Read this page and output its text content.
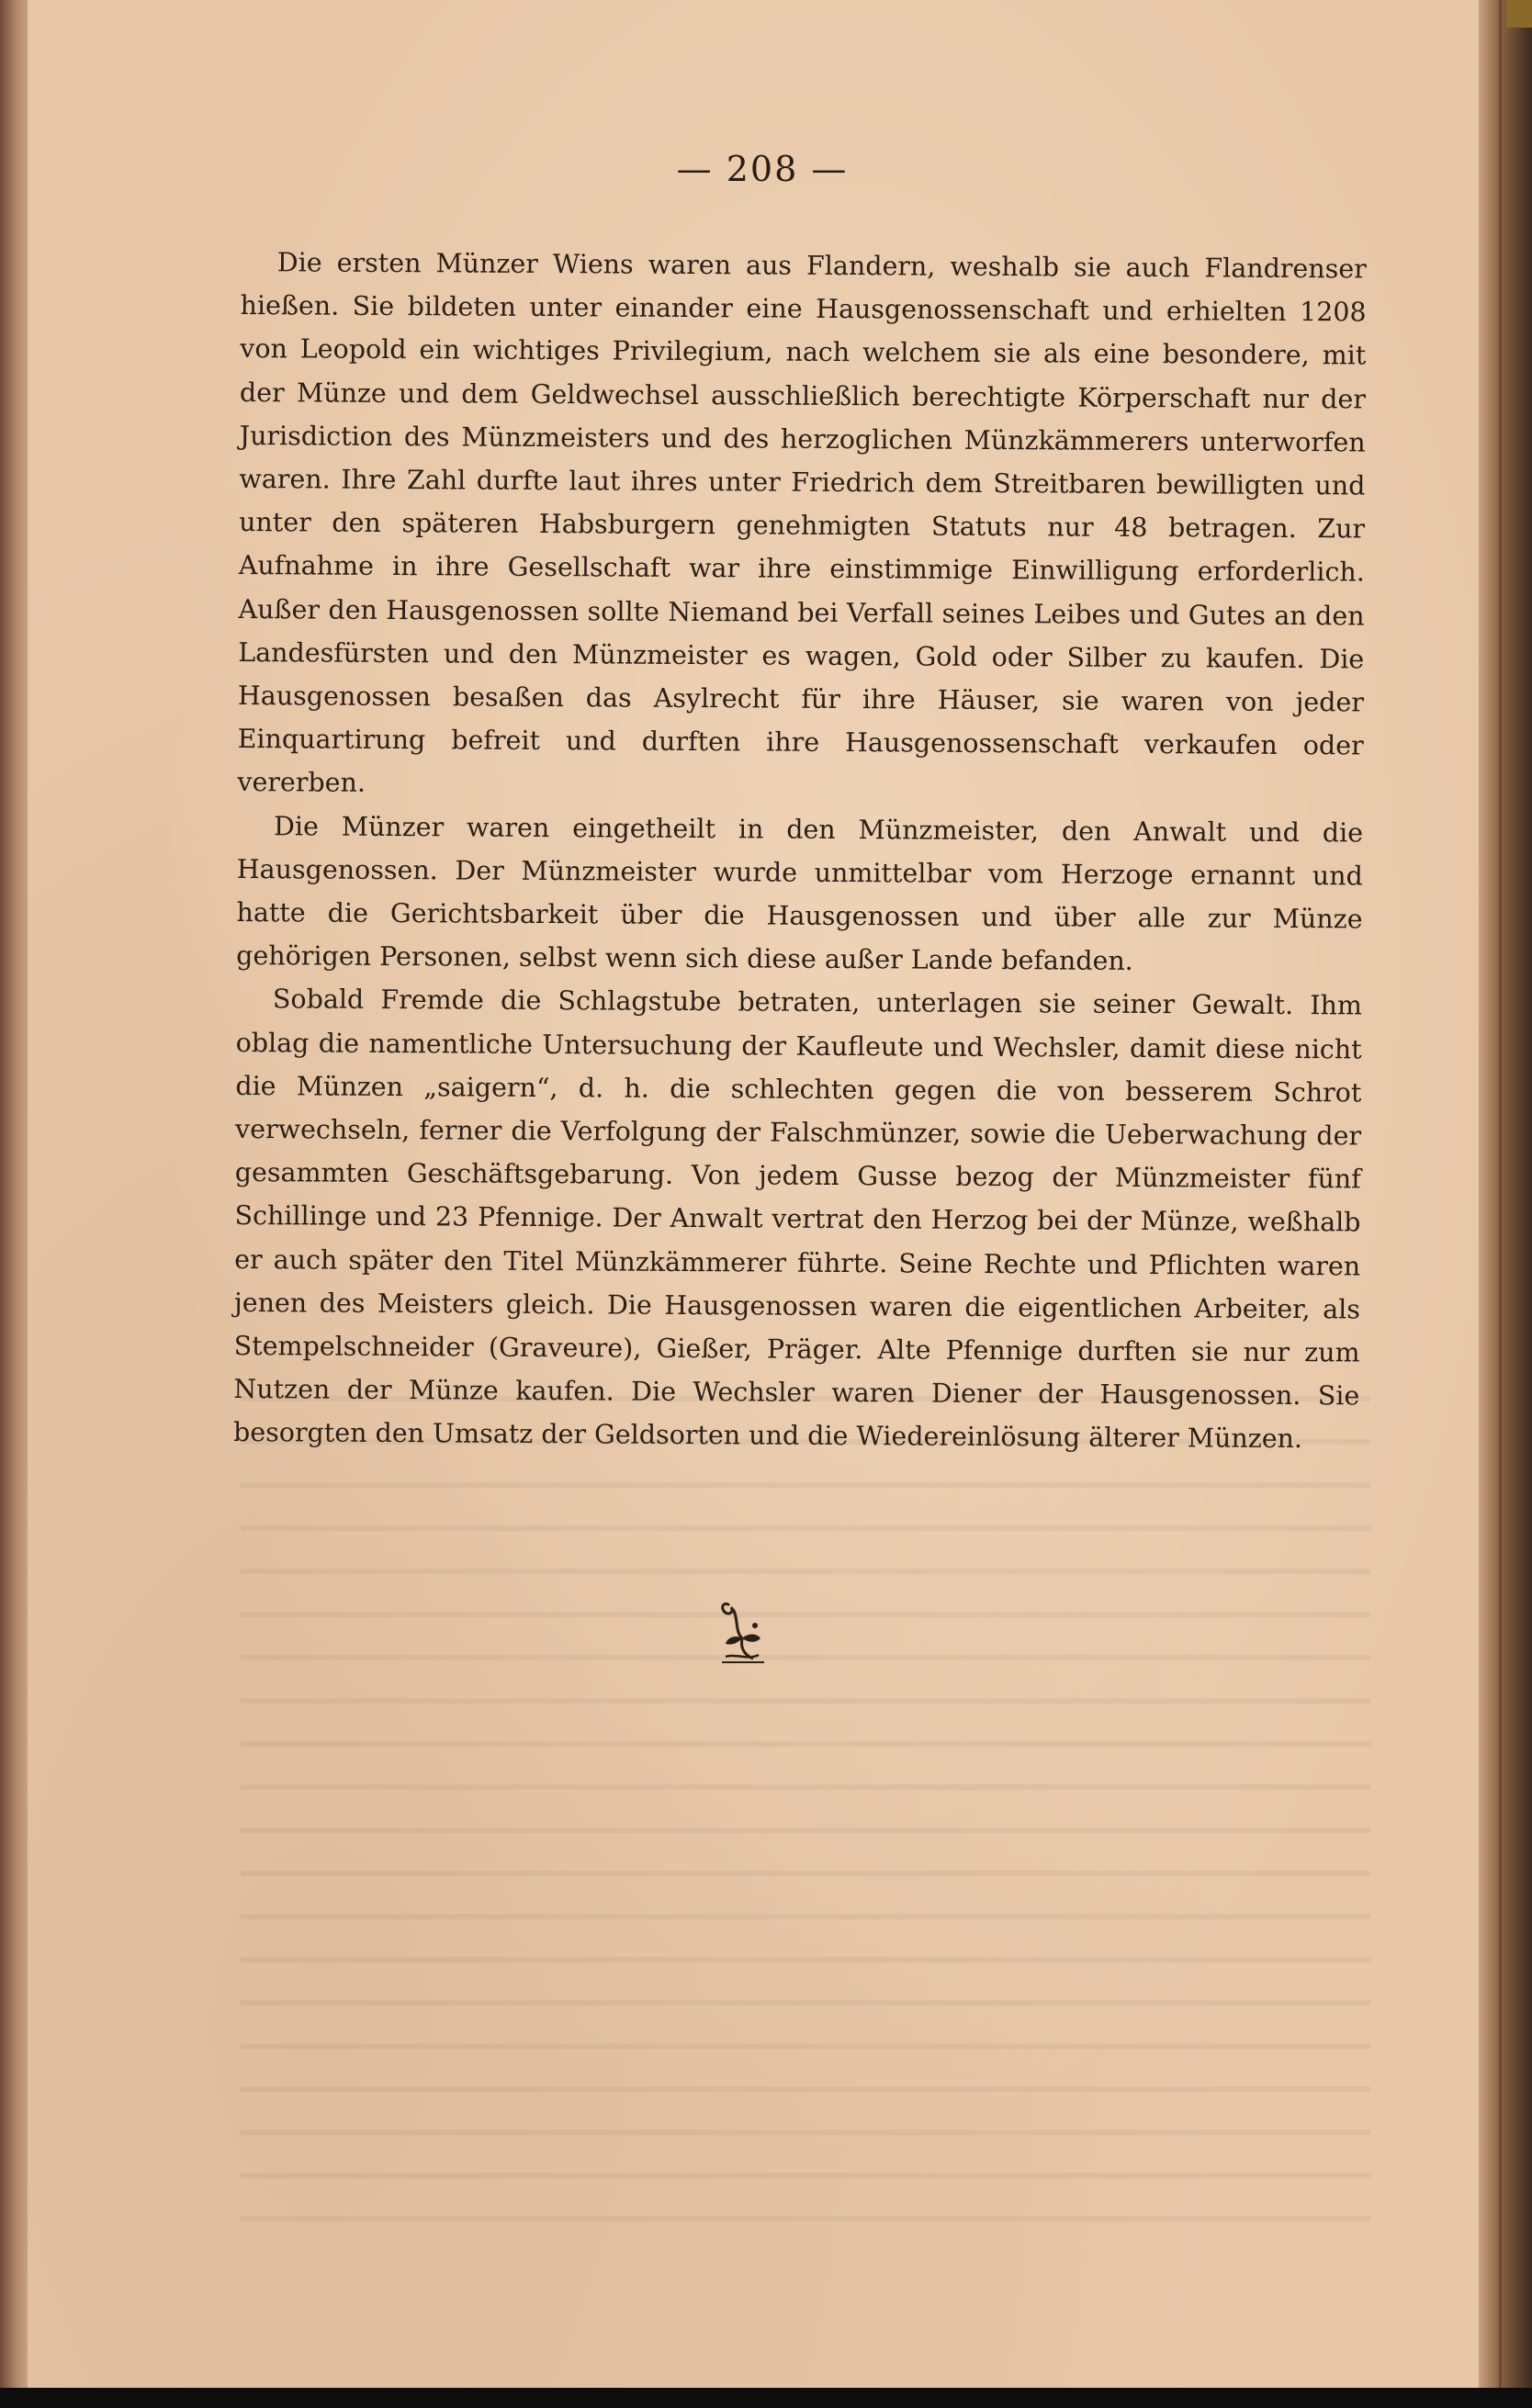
— 208 —

Die ersten Münzer Wiens waren aus Flandern, weshalb sie auch Flandrenser hießen. Sie bildeten unter einander eine Hausgenossenschaft und erhielten 1208 von Leopold ein wichtiges Privilegium, nach welchem sie als eine besondere, mit der Münze und dem Geldwechsel ausschließlich berechtigte Körperschaft nur der Jurisdiction des Münzmeisters und des herzoglichen Münzkämmerers unterworfen waren. Ihre Zahl durfte laut ihres unter Friedrich dem Streitbaren bewilligten und unter den späteren Habsburgern genehmigten Statuts nur 48 betragen. Zur Aufnahme in ihre Gesellschaft war ihre einstimmige Einwilligung erforderlich. Außer den Hausgenossen sollte Niemand bei Verfall seines Leibes und Gutes an den Landesfürsten und den Münzmeister es wagen, Gold oder Silber zu kaufen. Die Hausgenossen besaßen das Asylrecht für ihre Häuser, sie waren von jeder Einquartirung befreit und durften ihre Hausgenossenschaft verkaufen oder vererben.

Die Münzer waren eingetheilt in den Münzmeister, den Anwalt und die Hausgenossen. Der Münzmeister wurde unmittelbar vom Herzoge ernannt und hatte die Gerichtsbarkeit über die Hausgenossen und über alle zur Münze gehörigen Personen, selbst wenn sich diese außer Lande befanden.

Sobald Fremde die Schlagstube betraten, unterlagen sie seiner Gewalt. Ihm oblag die namentliche Untersuchung der Kaufleute und Wechsler, damit diese nicht die Münzen „saigern“, d. h. die schlechten gegen die von besserem Schrot verwechseln, ferner die Verfolgung der Falschmünzer, sowie die Ueberwachung der gesammten Geschäftsgebarung. Von jedem Gusse bezog der Münzmeister fünf Schillinge und 23 Pfennige. Der Anwalt vertrat den Herzog bei der Münze, weßhalb er auch später den Titel Münzkämmerer führte. Seine Rechte und Pflichten waren jenen des Meisters gleich. Die Hausgenossen waren die eigentlichen Arbeiter, als Stempelschneider (Graveure), Gießer, Präger. Alte Pfennige durften sie nur zum Nutzen der Münze kaufen. Die Wechsler waren Diener der Hausgenossen. Sie besorgten den Umsatz der Geldsorten und die Wiedereinlösung älterer Münzen.
